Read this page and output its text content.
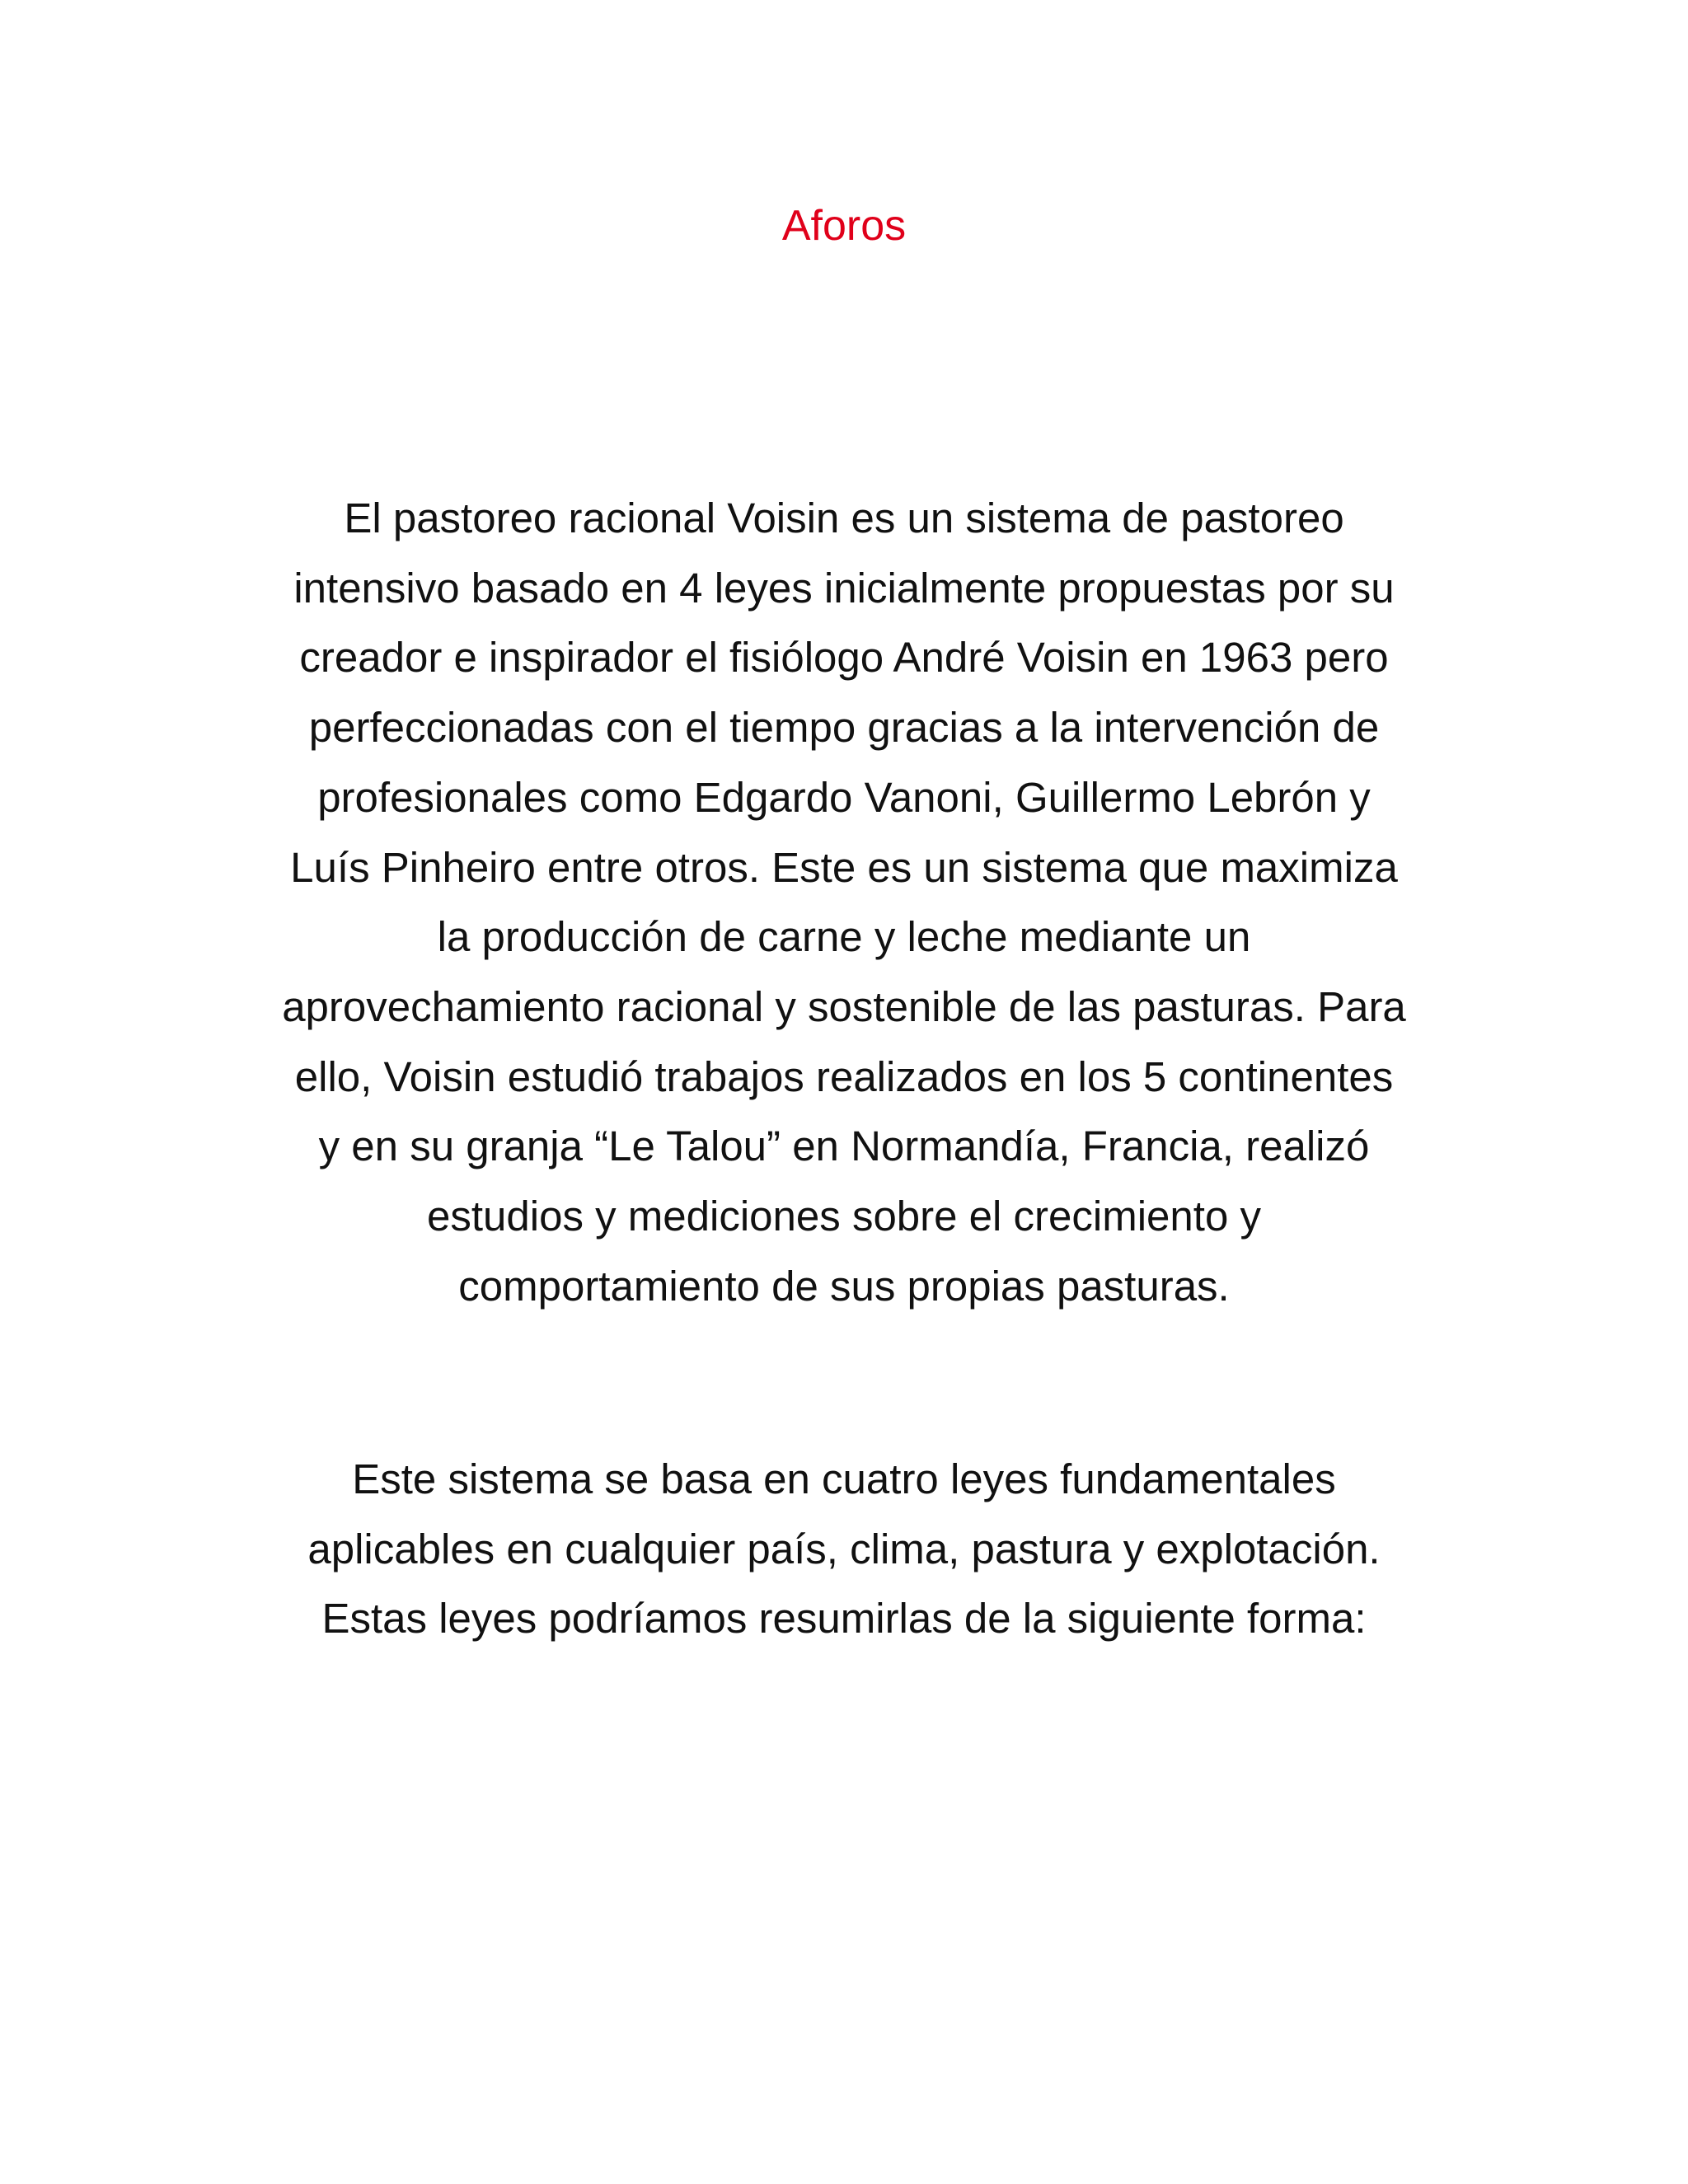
Aforos
El pastoreo racional Voisin es un sistema de pastoreo
intensivo basado en 4 leyes inicialmente propuestas por su
creador e inspirador el fisiólogo André Voisin en 1963 pero
perfeccionadas con el tiempo gracias a la intervención de
profesionales como Edgardo Vanoni, Guillermo Lebrón y
Luís Pinheiro entre otros. Este es un sistema que maximiza
la producción de carne y leche mediante un
aprovechamiento racional y sostenible de las pasturas. Para
ello, Voisin estudió trabajos realizados en los 5 continentes
y en su granja “Le Talou” en Normandía, Francia, realizó
estudios y mediciones sobre el crecimiento y
comportamiento de sus propias pasturas.
Este sistema se basa en cuatro leyes fundamentales
aplicables en cualquier país, clima, pastura y explotación.
Estas leyes podríamos resumirlas de la siguiente forma:
